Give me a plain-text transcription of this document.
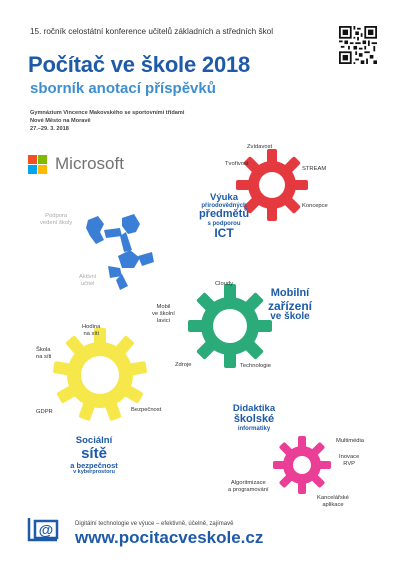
15. ročník celostátní konference učitelů základních a středních škol
Počítač ve škole 2018
sborník anotací příspěvků
Gymnázium Vincence Makovského se sportovními třídami
Nové Město na Moravě
27.–29. 3. 2018
Microsoft
Podpora
vedení školy
Aktivní
učitel
Zvídavost
Tvořivost
STREAM
Koncepce
Výuka
přírodovědných
předmětů
s podporou
ICT
Cloudy
Mobil
ve školní
lavici
Zdroje	Technologie
Mobilní
zařízení
ve škole
Hodina
na síti
Škola
na síti
GDPR	Bezpečnost
Sociální
sítě
a bezpečnost
v kyberprostoru
Didaktika
školské
informatiky
Multimédia
Inovace
RVP
Algoritmizace
a programování
Kancelářské
aplikace
@	Digitální technologie ve výuce – efektivně, účelně, zajímavě
www.pocitacveskole.cz
